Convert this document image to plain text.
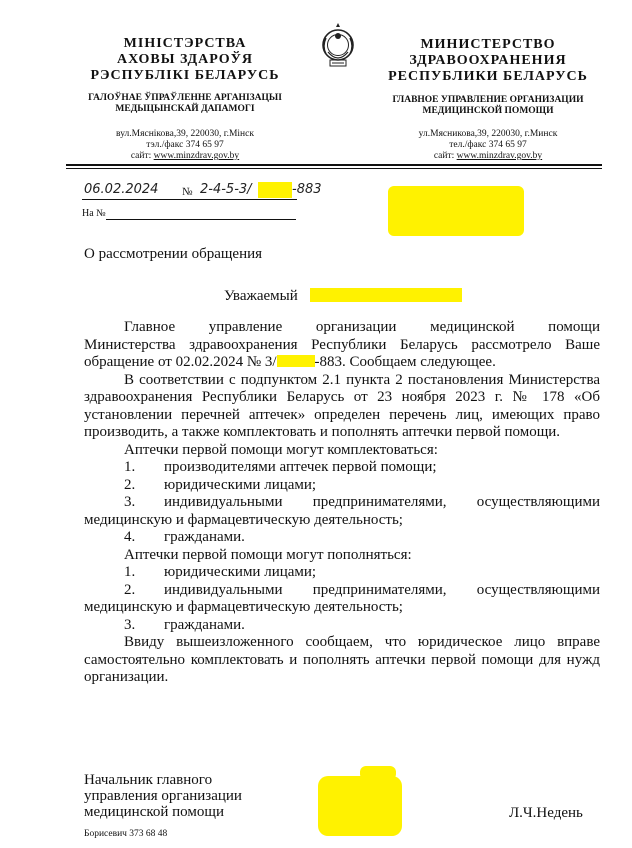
МІНІСТЭРСТВА
АХОВЫ ЗДАРОЎЯ
РЭСПУБЛІКІ БЕЛАРУСЬ
ГАЛОЎНАЕ ЎПРАЎЛЕННЕ АРГАНІЗАЦЫІ
МЕДЫЦЫНСКАЙ ДАПАМОГІ
вул.Мяснікова,39, 220030, г.Мінск
тэл./факс 374 65 97
сайт: www.minzdrav.gov.by
МИНИСТЕРСТВО
ЗДРАВООХРАНЕНИЯ
РЕСПУБЛИКИ БЕЛАРУСЬ
ГЛАВНОЕ УПРАВЛЕНИЕ ОРГАНИЗАЦИИ
МЕДИЦИНСКОЙ ПОМОЩИ
ул.Мясникова,39, 220030, г.Минск
тел./факс 374 65 97
сайт: www.minzdrav.gov.by
06.02.2024 № 2-4-5-3/	-883
На №
О рассмотрении обращения
Уважаемый
Главное управление организации медицинской помощи
Министерства здравоохранения Республики Беларусь рассмотрело Ваше обращение от 02.02.2024 № 3/	-883. Сообщаем следующее.
В соответствии с подпунктом 2.1 пункта 2 постановления Министерства здравоохранения Республики Беларусь от 23 ноября 2023 г. № 178 «Об установлении перечней аптечек» определен перечень лиц, имеющих право производить, а также комплектовать и пополнять аптечки первой помощи.
Аптечки первой помощи могут комплектоваться:
1. производителями аптечек первой помощи;
2. юридическими лицами;
3. индивидуальными предпринимателями, осуществляющими медицинскую и фармацевтическую деятельность;
4. гражданами.
Аптечки первой помощи могут пополняться:
1. юридическими лицами;
2. индивидуальными предпринимателями, осуществляющими медицинскую и фармацевтическую деятельность;
3. гражданами.
Ввиду вышеизложенного сообщаем, что юридическое лицо вправе самостоятельно комплектовать и пополнять аптечки первой помощи для нужд организации.
Начальник главного
управления организации
медицинской помощи	Л.Ч.Недень
Борисевич 373 68 48
